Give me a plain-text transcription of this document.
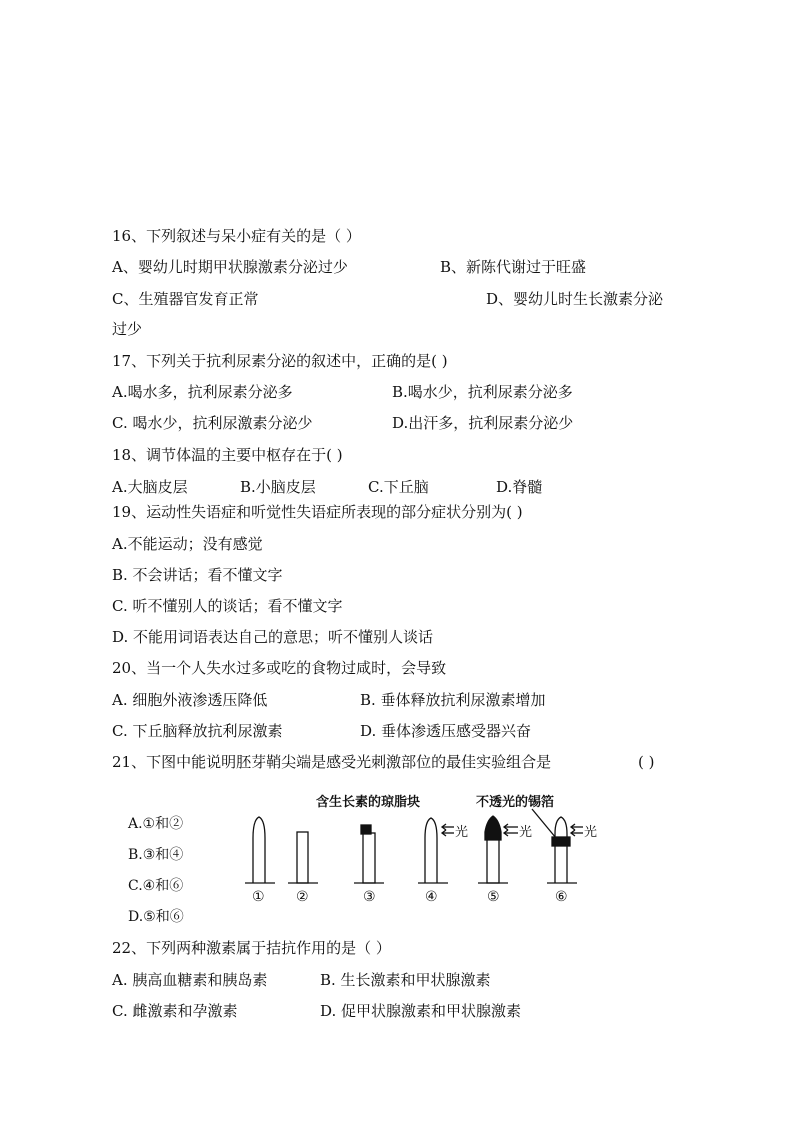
16、下列叙述与呆小症有关的是（ ）
A、婴幼儿时期甲状腺激素分泌过少	B、新陈代谢过于旺盛
C、生殖器官发育正常	D、婴幼儿时生长激素分泌
过少
17、下列关于抗利尿素分泌的叙述中，正确的是( )
A.喝水多，抗利尿素分泌多	B.喝水少，抗利尿素分泌多
C. 喝水少，抗利尿激素分泌少	D.出汗多，抗利尿素分泌少
18、调节体温的主要中枢存在于( )
A.大脑皮层	B.小脑皮层	C.下丘脑	D.脊髓
19、运动性失语症和听觉性失语症所表现的部分症状分别为( )
A.不能运动；没有感觉
B. 不会讲话；看不懂文字
C. 听不懂别人的谈话；看不懂文字
D. 不能用词语表达自己的意思；听不懂别人谈话
20、当一个人失水过多或吃的食物过咸时，会导致
A. 细胞外液渗透压降低	B. 垂体释放抗利尿激素增加
C. 下丘脑释放抗利尿激素	D. 垂体渗透压感受器兴奋
21、下图中能说明胚芽鞘尖端是感受光刺激部位的最佳实验组合是	( )
A.①和②
B.③和④
C.④和⑥
D.⑤和⑥
含生长素的琼脂块	不透光的锡箔
光	光	光
① ②	③	④	⑤	⑥
22、下列两种激素属于拮抗作用的是（ ）
A. 胰高血糖素和胰岛素	B. 生长激素和甲状腺激素
C. 雌激素和孕激素	D. 促甲状腺激素和甲状腺激素
